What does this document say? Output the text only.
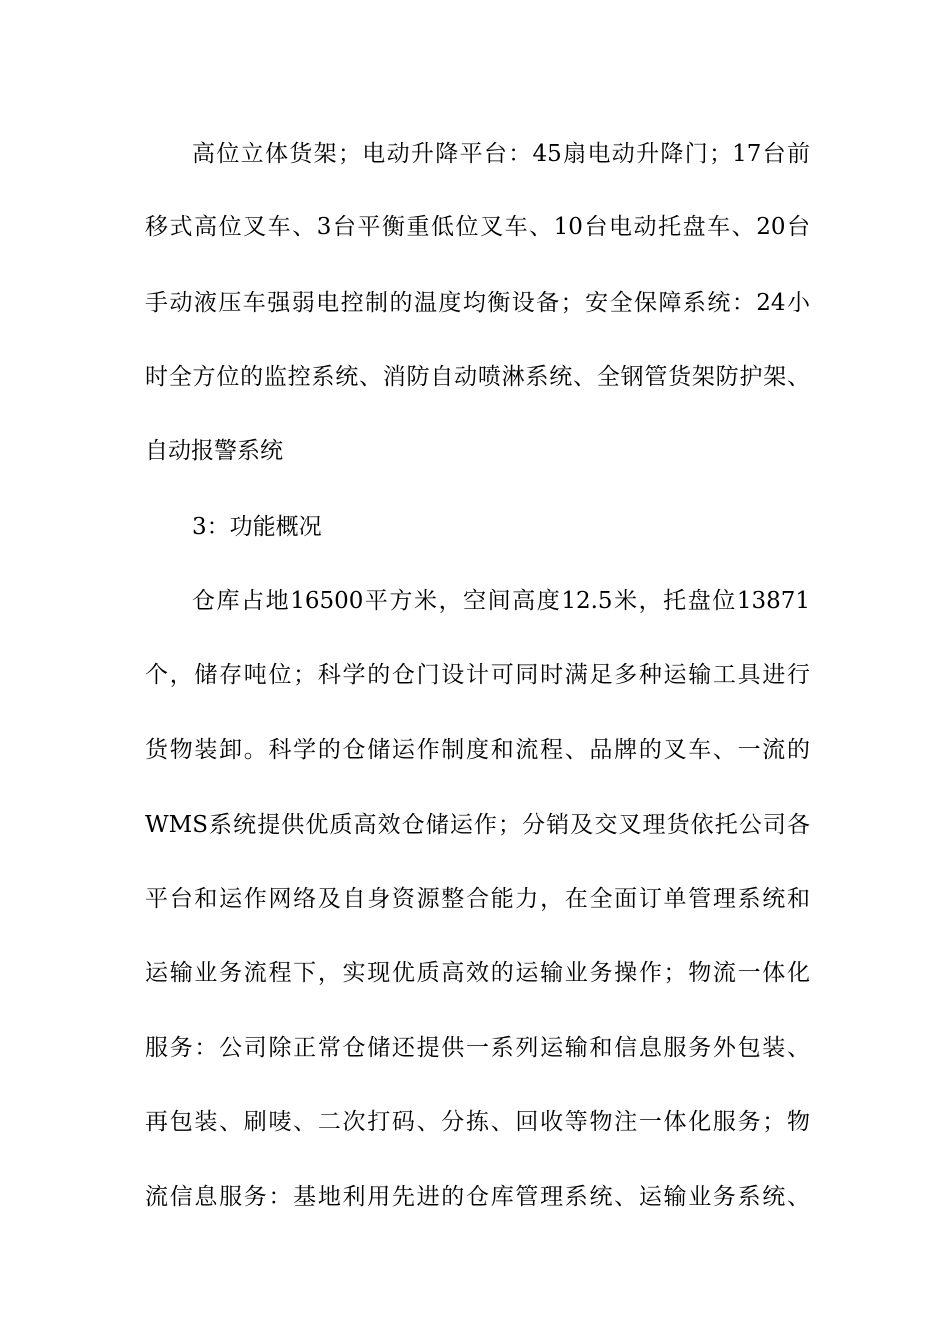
高位立体货架；电动升降平台：45扇电动升降门；17台前
移式高位叉车、3台平衡重低位叉车、10台电动托盘车、20台
手动液压车强弱电控制的温度均衡设备；安全保障系统：24小
时全方位的监控系统、消防自动喷淋系统、全钢管货架防护架、
自动报警系统
3：功能概况
仓库占地16500平方米，空间高度12.5米，托盘位13871
个，储存吨位；科学的仓门设计可同时满足多种运输工具进行
货物装卸。科学的仓储运作制度和流程、品牌的叉车、一流的
WMS系统提供优质高效仓储运作；分销及交叉理货依托公司各
平台和运作网络及自身资源整合能力，在全面订单管理系统和
运输业务流程下，实现优质高效的运输业务操作；物流一体化
服务：公司除正常仓储还提供一系列运输和信息服务外包装、
再包装、刷唛、二次打码、分拣、回收等物注一体化服务；物
流信息服务：基地利用先进的仓库管理系统、运输业务系统、
